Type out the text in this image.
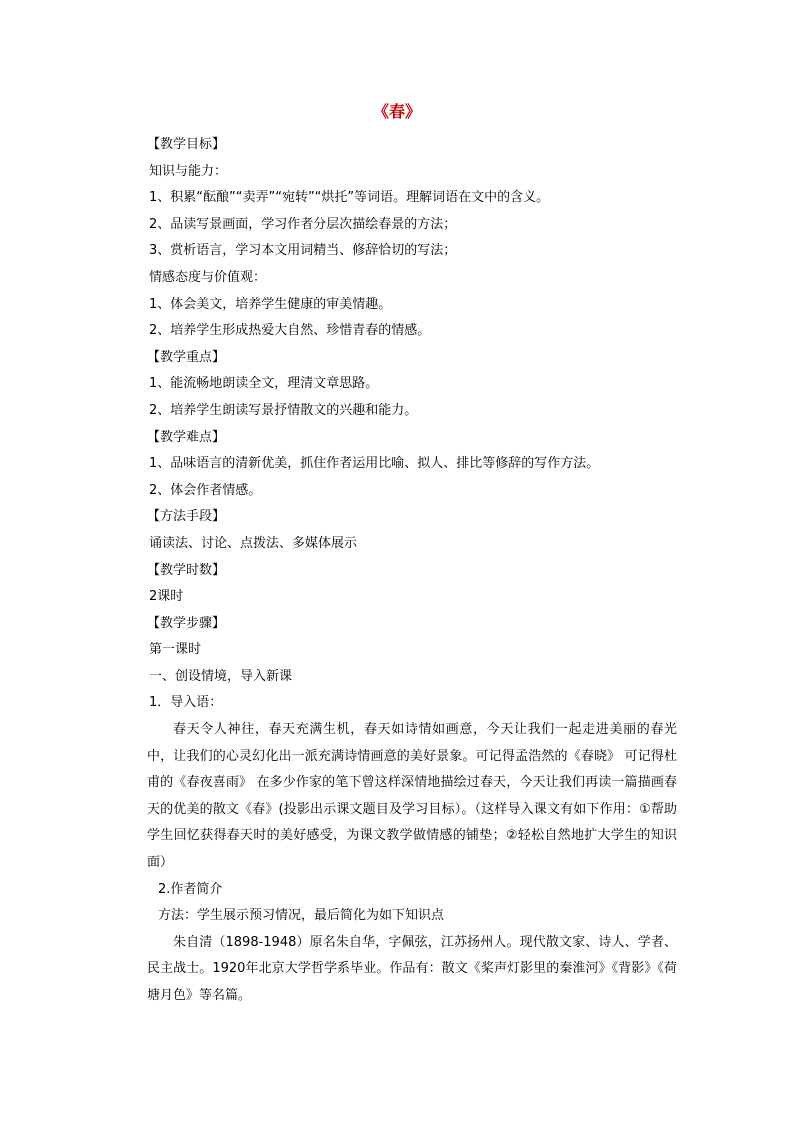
《春》
【教学目标】
知识与能力：
1、积累“酝酿”“卖弄”“宛转”“烘托”等词语。理解词语在文中的含义。
2、品读写景画面，学习作者分层次描绘春景的方法；
3、赏析语言，学习本文用词精当、修辞恰切的写法；
情感态度与价值观：
1、体会美文，培养学生健康的审美情趣。
2、培养学生形成热爱大自然、珍惜青春的情感。
【教学重点】
1、能流畅地朗读全文，理清文章思路。
2、培养学生朗读写景抒情散文的兴趣和能力。
【教学难点】
1、品味语言的清新优美，抓住作者运用比喻、拟人、排比等修辞的写作方法。
2、体会作者情感。
【方法手段】
诵读法、讨论、点拨法、多媒体展示
【教学时数】
2课时
【教学步骤】
第一课时
一、创设情境，导入新课
1．导入语：
春天令人神往，春天充满生机，春天如诗情如画意，今天让我们一起走进美丽的春光中，让我们的心灵幻化出一派充满诗情画意的美好景象。可记得孟浩然的《春晓》 可记得杜甫的《春夜喜雨》 在多少作家的笔下曾这样深情地描绘过春天，今天让我们再读一篇描画春天的优美的散文《春》(投影出示课文题目及学习目标）。（这样导入课文有如下作用：①帮助学生回忆获得春天时的美好感受，为课文教学做情感的铺垫；②轻松自然地扩大学生的知识面）
2.作者简介
方法：学生展示预习情况，最后简化为如下知识点
朱自清（1898-1948）原名朱自华，字佩弦，江苏扬州人。现代散文家、诗人、学者、民主战士。1920年北京大学哲学系毕业。作品有：散文《桨声灯影里的秦淮河》《背影》《荷塘月色》等名篇。
